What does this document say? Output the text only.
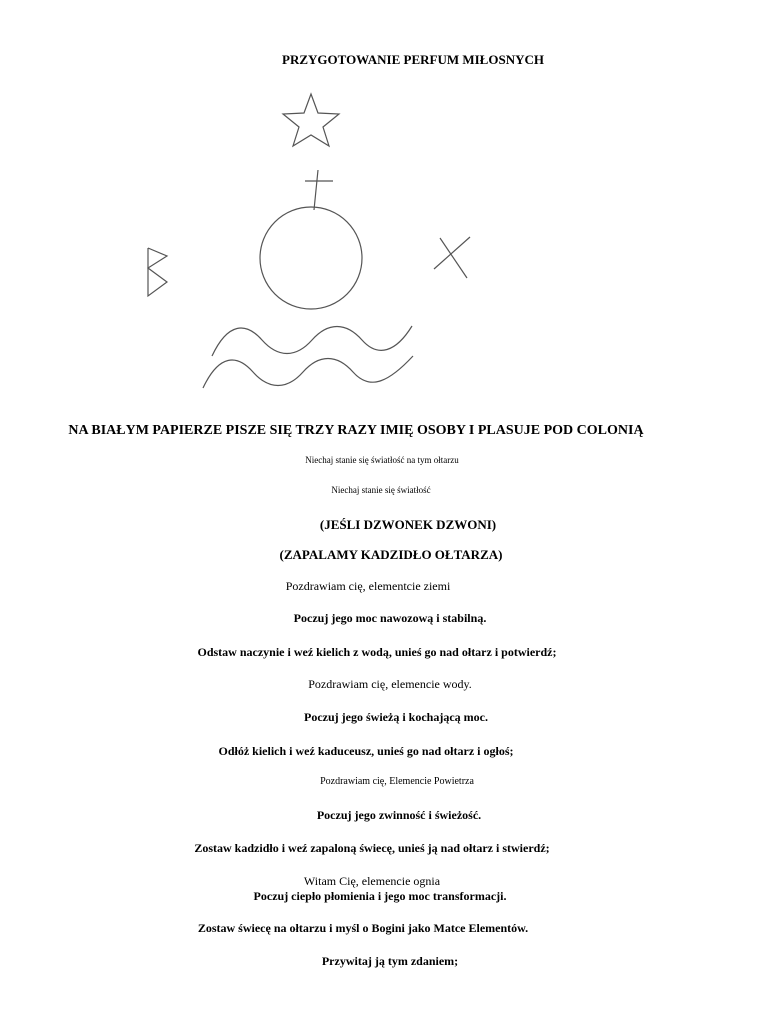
PRZYGOTOWANIE PERFUM MIŁOSNYCH
NA BIAŁYM PAPIERZE PISZE SIĘ TRZY RAZY IMIĘ OSOBY I PLASUJE POD COLONIĄ
Niechaj stanie się światłość na tym ołtarzu
Niechaj stanie się światłość
(JEŚLI DZWONEK DZWONI)
(ZAPALAMY KADZIDŁO OŁTARZA)
Pozdrawiam cię, elementcie ziemi
Poczuj jego moc nawozową i stabilną.
Odstaw naczynie i weź kielich z wodą, unieś go nad ołtarz i potwierdź;
Pozdrawiam cię, elemencie wody.
Poczuj jego świeżą i kochającą moc.
Odłóż kielich i weź kaduceusz, unieś go nad ołtarz i ogłoś;
Pozdrawiam cię, Elemencie Powietrza
Poczuj jego zwinność i świeżość.
Zostaw kadzidło i weź zapaloną świecę, unieś ją nad ołtarz i stwierdź;
Witam Cię, elemencie ognia
Poczuj ciepło płomienia i jego moc transformacji.
Zostaw świecę na ołtarzu i myśl o Bogini jako Matce Elementów.
Przywitaj ją tym zdaniem;
